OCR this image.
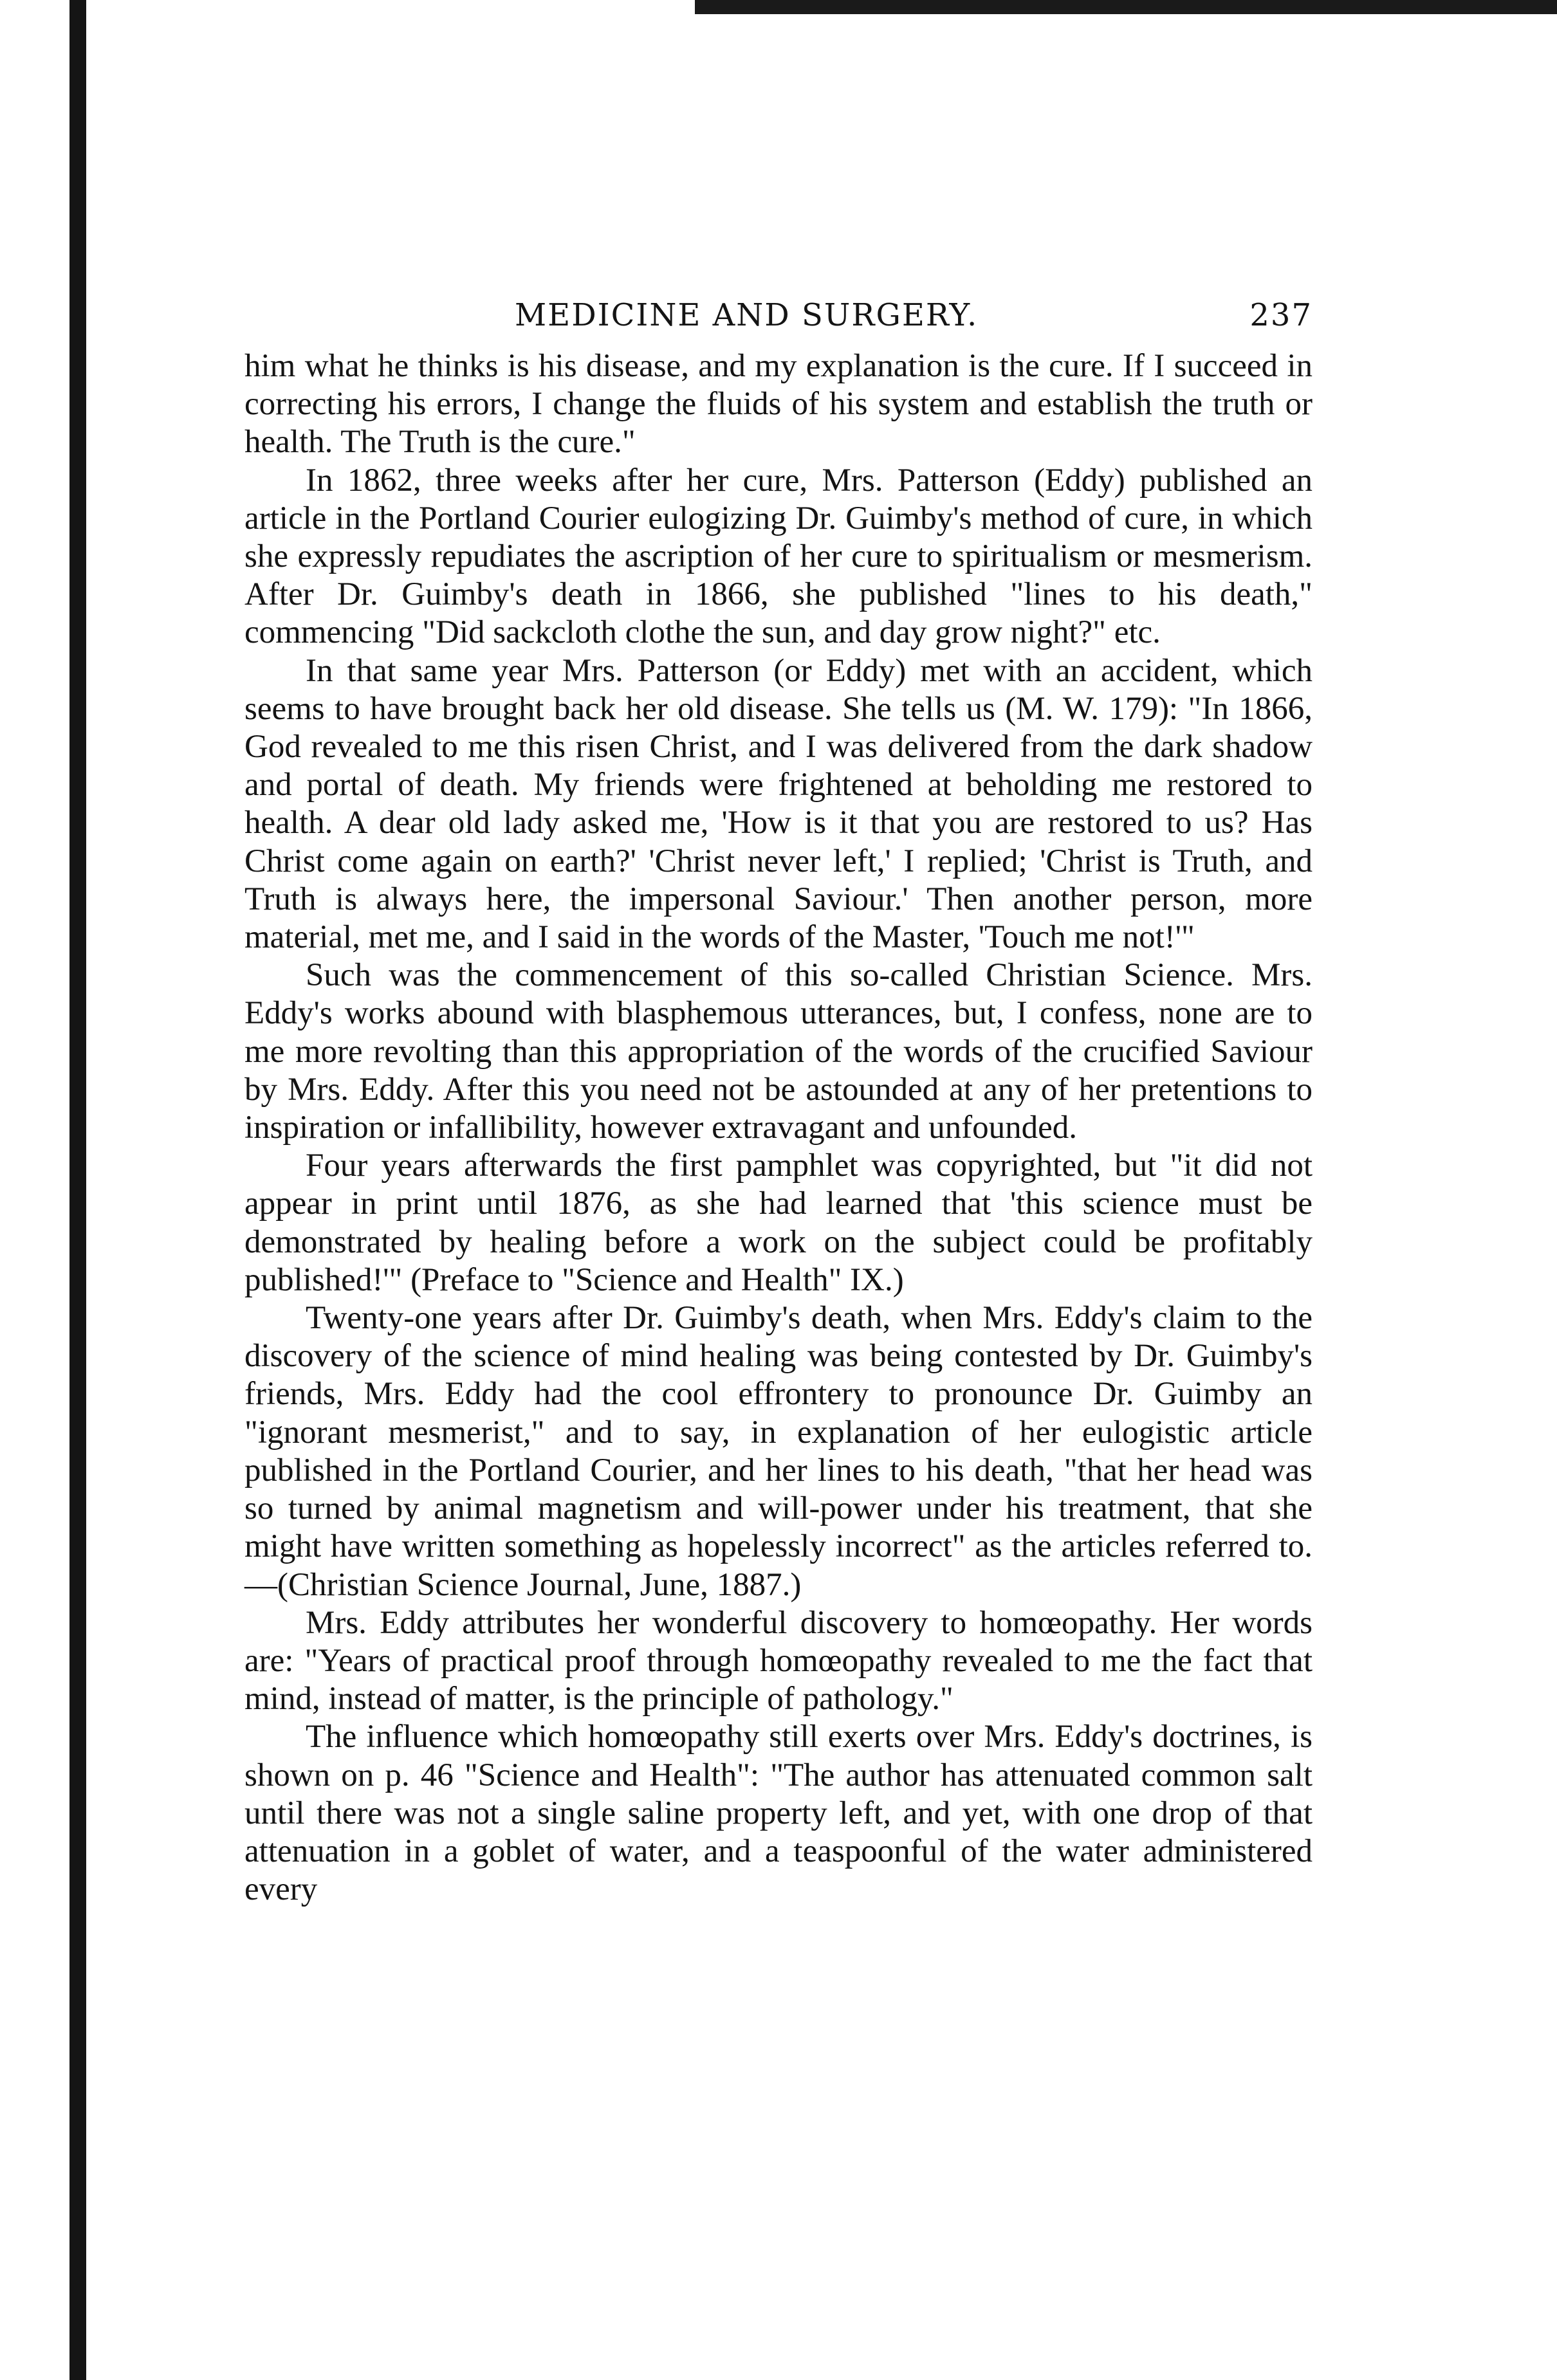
MEDICINE AND SURGERY.	237

him what he thinks is his disease, and my explanation is the cure. If I succeed in correcting his errors, I change the fluids of his system and establish the truth or health. The Truth is the cure."

In 1862, three weeks after her cure, Mrs. Patterson (Eddy) published an article in the Portland Courier eulogizing Dr. Guimby's method of cure, in which she expressly repudiates the ascription of her cure to spiritualism or mesmerism. After Dr. Guimby's death in 1866, she published "lines to his death," commencing "Did sackcloth clothe the sun, and day grow night?" etc.

In that same year Mrs. Patterson (or Eddy) met with an accident, which seems to have brought back her old disease. She tells us (M. W. 179): "In 1866, God revealed to me this risen Christ, and I was delivered from the dark shadow and portal of death. My friends were frightened at beholding me restored to health. A dear old lady asked me, 'How is it that you are restored to us? Has Christ come again on earth?' 'Christ never left,' I replied; 'Christ is Truth, and Truth is always here, the impersonal Saviour.' Then another person, more material, met me, and I said in the words of the Master, 'Touch me not!'"

Such was the commencement of this so-called Christian Science. Mrs. Eddy's works abound with blasphemous utterances, but, I confess, none are to me more revolting than this appropriation of the words of the crucified Saviour by Mrs. Eddy. After this you need not be astounded at any of her pretentions to inspiration or infallibility, however extravagant and unfounded.

Four years afterwards the first pamphlet was copyrighted, but "it did not appear in print until 1876, as she had learned that 'this science must be demonstrated by healing before a work on the subject could be profitably published!'" (Preface to "Science and Health" IX.)

Twenty-one years after Dr. Guimby's death, when Mrs. Eddy's claim to the discovery of the science of mind healing was being contested by Dr. Guimby's friends, Mrs. Eddy had the cool effrontery to pronounce Dr. Guimby an "ignorant mesmerist," and to say, in explanation of her eulogistic article published in the Portland Courier, and her lines to his death, "that her head was so turned by animal magnetism and will-power under his treatment, that she might have written something as hopelessly incorrect" as the articles referred to.—(Christian Science Journal, June, 1887.)

Mrs. Eddy attributes her wonderful discovery to homœopathy. Her words are: "Years of practical proof through homœopathy revealed to me the fact that mind, instead of matter, is the principle of pathology."

The influence which homœopathy still exerts over Mrs. Eddy's doctrines, is shown on p. 46 "Science and Health": "The author has attenuated common salt until there was not a single saline property left, and yet, with one drop of that attenuation in a goblet of water, and a teaspoonful of the water administered every
